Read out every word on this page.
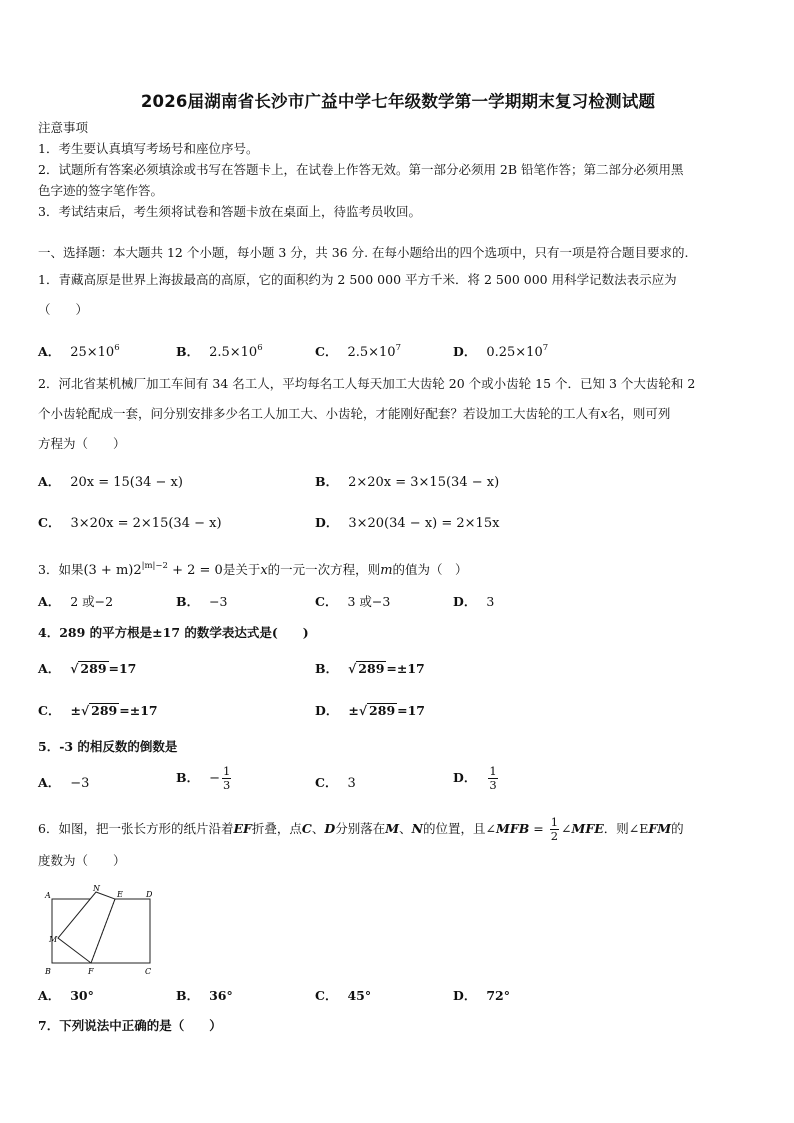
2026届湖南省长沙市广益中学七年级数学第一学期期末复习检测试题
注意事项
1．考生要认真填写考场号和座位序号。
2．试题所有答案必须填涂或书写在答题卡上，在试卷上作答无效。第一部分必须用 2B 铅笔作答；第二部分必须用黑
色字迹的签字笔作答。
3．考试结束后，考生须将试卷和答题卡放在桌面上，待监考员收回。
一、选择题：本大题共 12 个小题，每小题 3 分，共 36 分. 在每小题给出的四个选项中，只有一项是符合题目要求的.
1．青藏高原是世界上海拔最高的高原，它的面积约为 2 500 000 平方千米．将 2 500 000 用科学记数法表示应为
（　　）
A． $25\times 10^6$	B． $2.5\times 10^6$	C． $2.5\times 10^7$	D． $0.25\times 10^7$
2．河北省某机械厂加工车间有 34 名工人，平均每名工人每天加工大齿轮 20 个或小齿轮 15 个．已知 3 个大齿轮和 2
个小齿轮配成一套，问分别安排多少名工人加工大、小齿轮，才能刚好配套？若设加工大齿轮的工人有x名，则可列
方程为（　　）
A． 20x = 15(34 − x)	B． 2×20x = 3×15(34 − x)
C． 3×20x = 2×15(34 − x)	D． 3×20(34 − x) = 2×15x
3．如果$(3 + m)2^{|m|-2} + 2 = 0$是关于x的一元一次方程，则m的值为（　）
A． 2 或−2	B． −3	C． 3 或−3	D． 3
4．289 的平方根是±17 的数学表达式是(　　)
A． √ 289 =17	B． √ 289 =±17
C． ±√ 289 =±17	D． ±√ 289 =17
5．-3 的相反数的倒数是
A． −3	B． − $\frac{1}{3}$	C． 3	D． $\frac{1}{3}$
6．如图，把一张长方形的纸片沿着EF折叠，点C、D分别落在M、N的位置，且∠MFB = $\frac{1}{2}$ ∠MFE．则∠EFM的
度数为（　　）
A
N
E	D
M
B	F	C
A． 30°	B． 36°	C． 45°	D． 72°
7．下列说法中正确的是（　　）
